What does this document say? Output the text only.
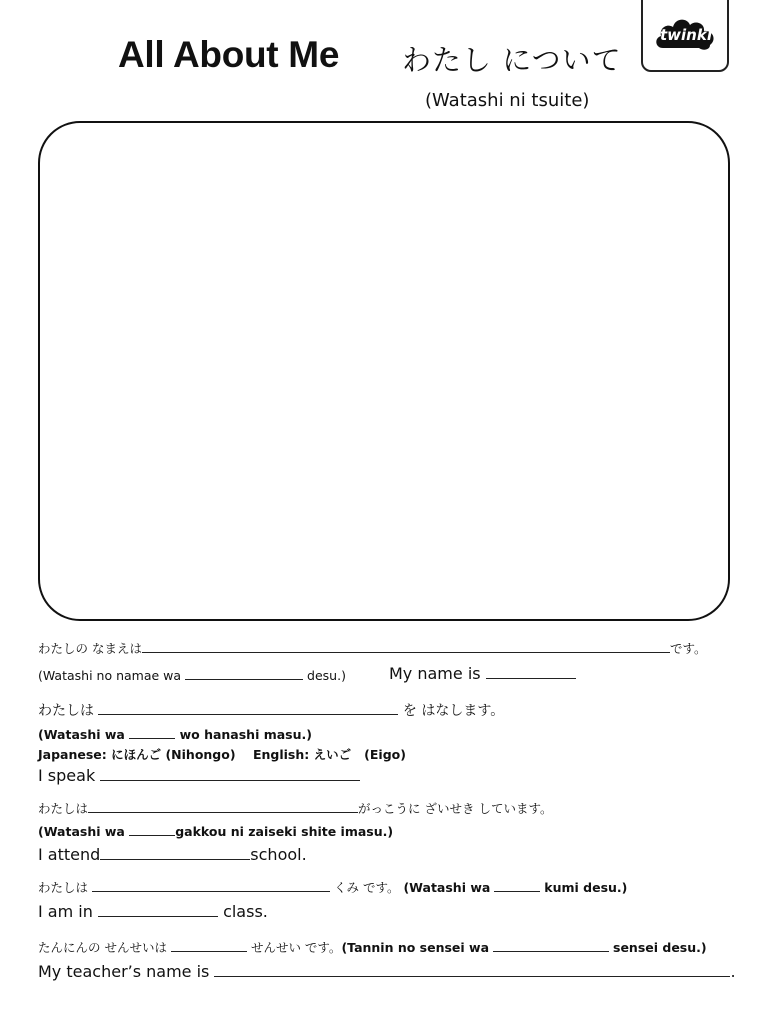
All About Me わたし について
(Watashi ni tsuite)
twinkl
わたしの なまえは	です。
(Watashi no namae wa	desu.)	My name is
わたしは	を はなします。
(Watashi wa	wo hanashi masu.)
Japanese: にほんご (Nihongo)    English: えいご   (Eigo)
I speak
わたしは	がっこうに ざいせき しています。
(Watashi wa	gakkou ni zaiseki shite imasu.)
I attend	school.
わたしは	くみ です。 (Watashi wa	kumi desu.)
I am in	class.
たんにんの せんせいは	せんせい です。(Tannin no sensei wa	sensei desu.)
My teacher’s name is	.
